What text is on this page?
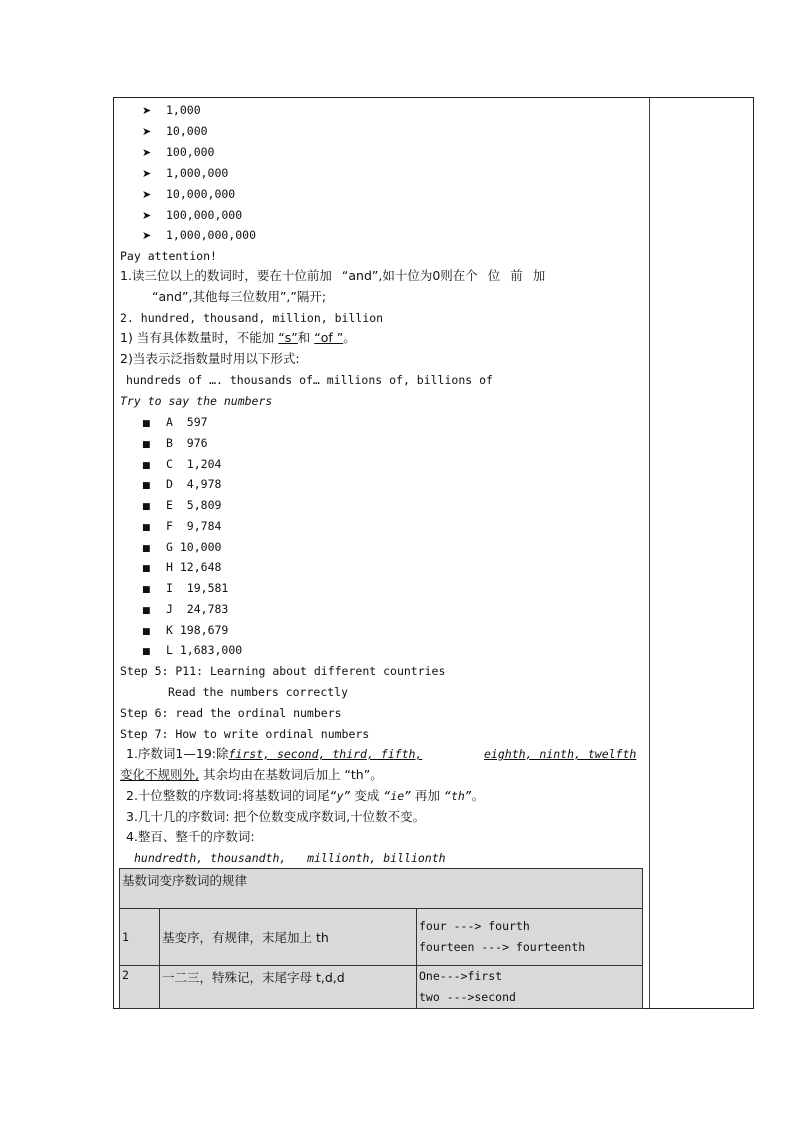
➤ 1,000
➤ 10,000
➤ 100,000
➤ 1,000,000
➤ 10,000,000
➤ 100,000,000
➤ 1,000,000,000
Pay attention!
1.读三位以上的数词时，要在十位前加 “and”,如十位为0则在个 位 前 加
“and”,其他每三位数用”,”隔开;
2. hundred, thousand, million, billion
1) 当有具体数量时，不能加 “s”和 “of ”。
2)当表示泛指数量时用以下形式:
hundreds of …. thousands of… millions of, billions of
Try to say the numbers
■ A 597
■ B 976
■ C 1,204
■ D 4,978
■ E 5,809
■ F 9,784
■ G 10,000
■ H 12,648
■ I 19,581
■ J 24,783
■ K 198,679
■ L 1,683,000
Step 5: P11: Learning about different countries
Read the numbers correctly
Step 6: read the ordinal numbers
Step 7: How to write ordinal numbers
1.序数词1—19:除first, second, third, fifth,	eighth, ninth, twelfth
变化不规则外, 其余均由在基数词后加上 “th”。
2.十位整数的序数词:将基数词的词尾“y” 变成 “ie” 再加 “th”。
3.几十几的序数词: 把个位数变成序数词,十位数不变。
4.整百、整千的序数词:
hundredth, thousandth,   millionth, billionth
基数词变序数词的规律		
1	基变序，有规律，末尾加上 th	four ---> fourth
fourteen ---> fourteenth

2	一二三，特殊记，末尾字母 t,d,d	One--->first
two --->second
